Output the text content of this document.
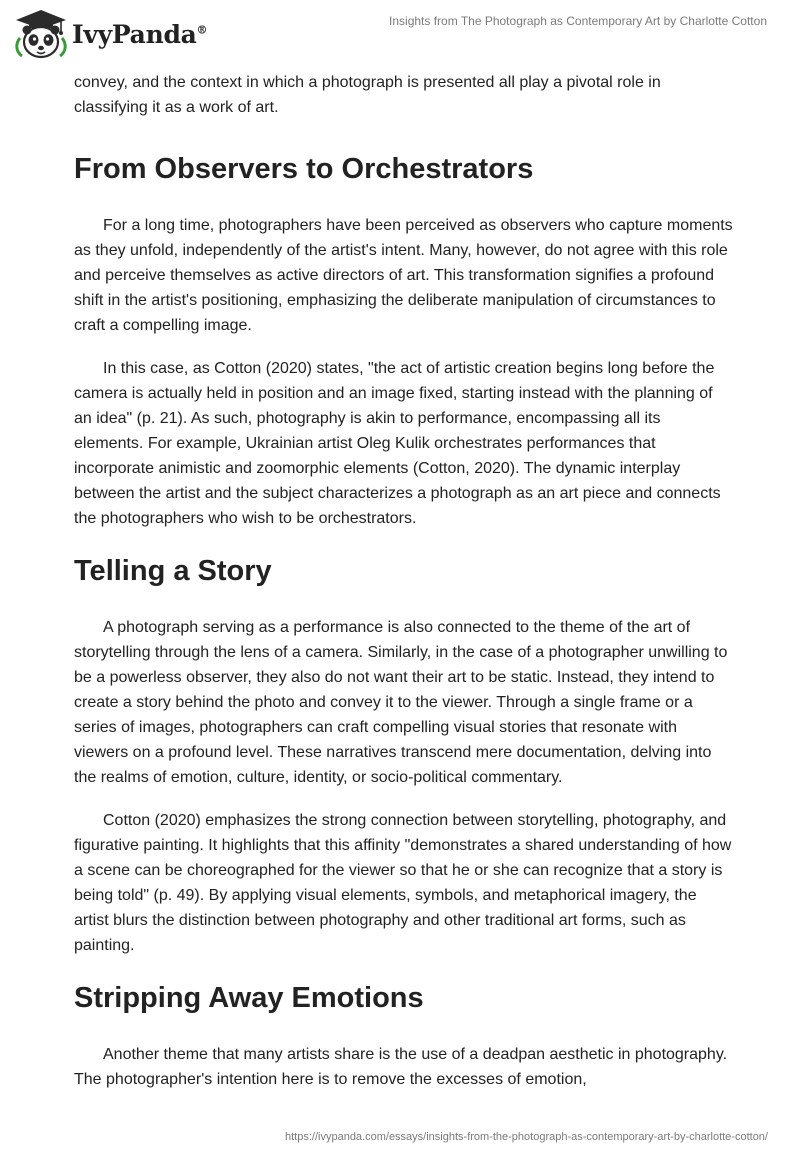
IvyPanda®
Insights from The Photograph as Contemporary Art by Charlotte Cotton

convey, and the context in which a photograph is presented all play a pivotal role in classifying it as a work of art.

From Observers to Orchestrators

For a long time, photographers have been perceived as observers who capture moments as they unfold, independently of the artist's intent. Many, however, do not agree with this role and perceive themselves as active directors of art. This transformation signifies a profound shift in the artist's positioning, emphasizing the deliberate manipulation of circumstances to craft a compelling image.

In this case, as Cotton (2020) states, "the act of artistic creation begins long before the camera is actually held in position and an image fixed, starting instead with the planning of an idea" (p. 21). As such, photography is akin to performance, encompassing all its elements. For example, Ukrainian artist Oleg Kulik orchestrates performances that incorporate animistic and zoomorphic elements (Cotton, 2020). The dynamic interplay between the artist and the subject characterizes a photograph as an art piece and connects the photographers who wish to be orchestrators.

Telling a Story

A photograph serving as a performance is also connected to the theme of the art of storytelling through the lens of a camera. Similarly, in the case of a photographer unwilling to be a powerless observer, they also do not want their art to be static. Instead, they intend to create a story behind the photo and convey it to the viewer. Through a single frame or a series of images, photographers can craft compelling visual stories that resonate with viewers on a profound level. These narratives transcend mere documentation, delving into the realms of emotion, culture, identity, or socio-political commentary.

Cotton (2020) emphasizes the strong connection between storytelling, photography, and figurative painting. It highlights that this affinity "demonstrates a shared understanding of how a scene can be choreographed for the viewer so that he or she can recognize that a story is being told" (p. 49). By applying visual elements, symbols, and metaphorical imagery, the artist blurs the distinction between photography and other traditional art forms, such as painting.

Stripping Away Emotions

Another theme that many artists share is the use of a deadpan aesthetic in photography. The photographer's intention here is to remove the excesses of emotion,

https://ivypanda.com/essays/insights-from-the-photograph-as-contemporary-art-by-charlotte-cotton/
